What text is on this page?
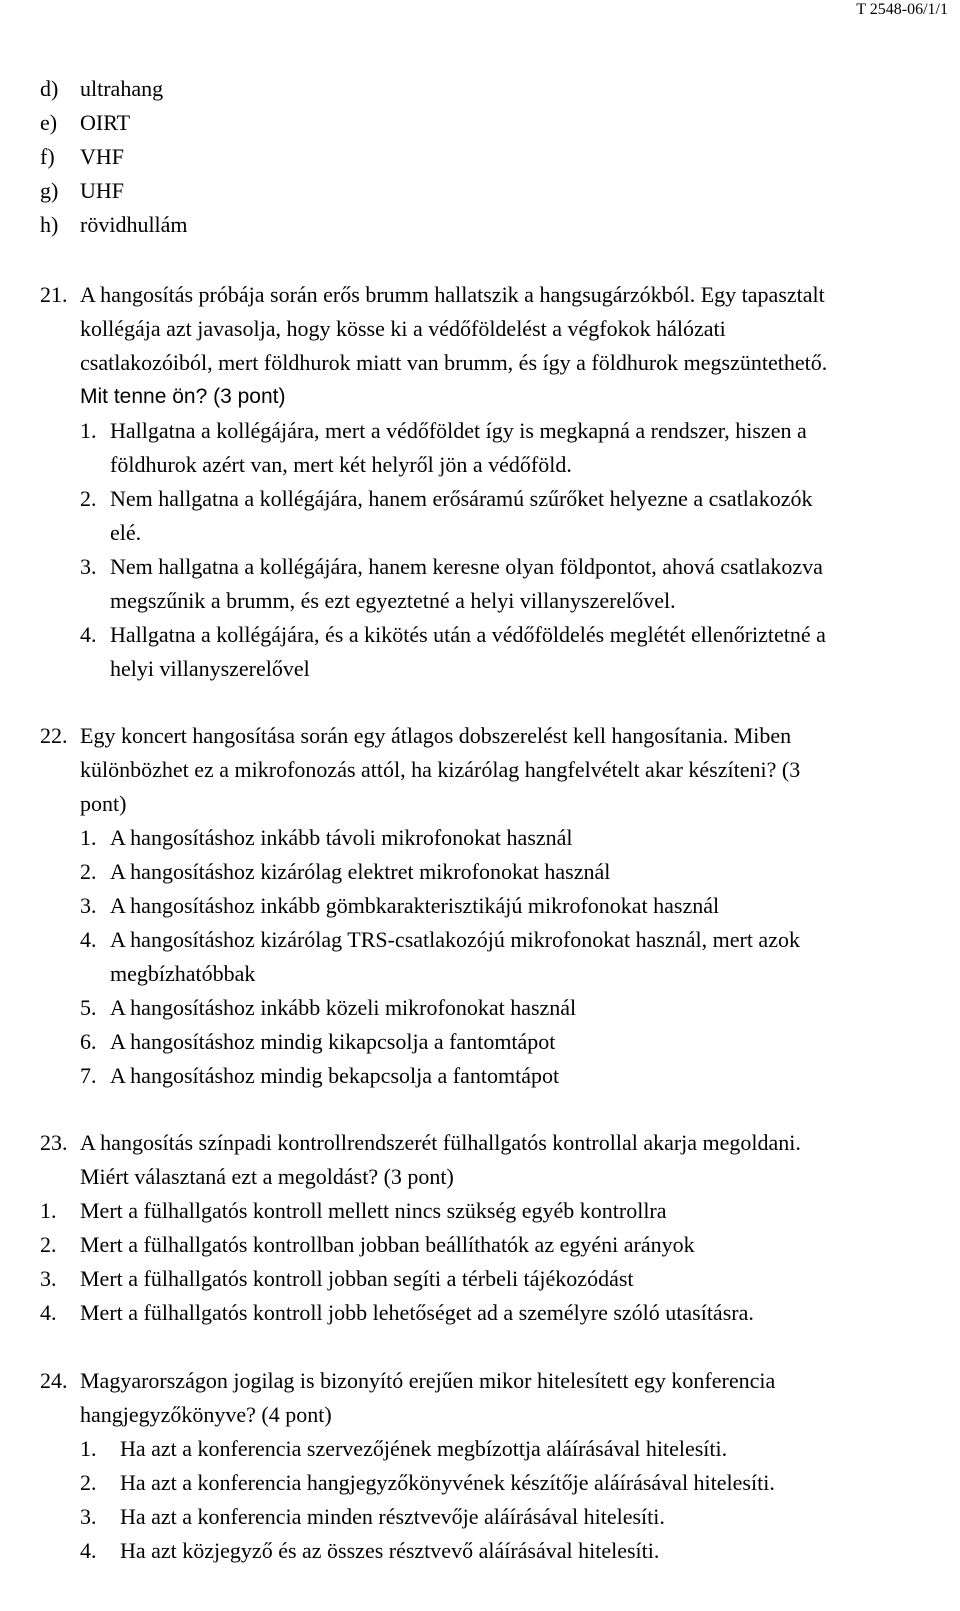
T 2548-06/1/1
d) ultrahang
e) OIRT
f) VHF
g) UHF
h) rövidhullám
21. A hangosítás próbája során erős brumm hallatszik a hangsugárzókból. Egy tapasztalt
kollégája azt javasolja, hogy kösse ki a védőföldelést a végfokok hálózati
csatlakozóiból, mert földhurok miatt van brumm, és így a földhurok megszüntethető.
Mit tenne ön? (3 pont)
1. Hallgatna a kollégájára, mert a védőföldet így is megkapná a rendszer, hiszen a
földhurok azért van, mert két helyről jön a védőföld.
2. Nem hallgatna a kollégájára, hanem erősáramú szűrőket helyezne a csatlakozók
elé.
3. Nem hallgatna a kollégájára, hanem keresne olyan földpontot, ahová csatlakozva
megszűnik a brumm, és ezt egyeztetné a helyi villanyszerelővel.
4. Hallgatna a kollégájára, és a kikötés után a védőföldelés meglétét ellenőriztetné a
helyi villanyszerelővel
22. Egy koncert hangosítása során egy átlagos dobszerelést kell hangosítania. Miben
különbözhet ez a mikrofonozás attól, ha kizárólag hangfelvételt akar készíteni? (3
pont)
1. A hangosításhoz inkább távoli mikrofonokat használ
2. A hangosításhoz kizárólag elektret mikrofonokat használ
3. A hangosításhoz inkább gömbkarakterisztikájú mikrofonokat használ
4. A hangosításhoz kizárólag TRS-csatlakozójú mikrofonokat használ, mert azok
megbízhatóbbak
5. A hangosításhoz inkább közeli mikrofonokat használ
6. A hangosításhoz mindig kikapcsolja a fantomtápot
7. A hangosításhoz mindig bekapcsolja a fantomtápot
23. A hangosítás színpadi kontrollrendszerét fülhallgatós kontrollal akarja megoldani.
Miért választaná ezt a megoldást? (3 pont)
1. Mert a fülhallgatós kontroll mellett nincs szükség egyéb kontrollra
2. Mert a fülhallgatós kontrollban jobban beállíthatók az egyéni arányok
3. Mert a fülhallgatós kontroll jobban segíti a térbeli tájékozódást
4. Mert a fülhallgatós kontroll jobb lehetőséget ad a személyre szóló utasításra.
24. Magyarországon jogilag is bizonyító erejűen mikor hitelesített egy konferencia
hangjegyzőkönyve? (4 pont)
1. Ha azt a konferencia szervezőjének megbízottja aláírásával hitelesíti.
2. Ha azt a konferencia hangjegyzőkönyvének készítője aláírásával hitelesíti.
3. Ha azt a konferencia minden résztvevője aláírásával hitelesíti.
4. Ha azt közjegyző és az összes résztvevő aláírásával hitelesíti.
